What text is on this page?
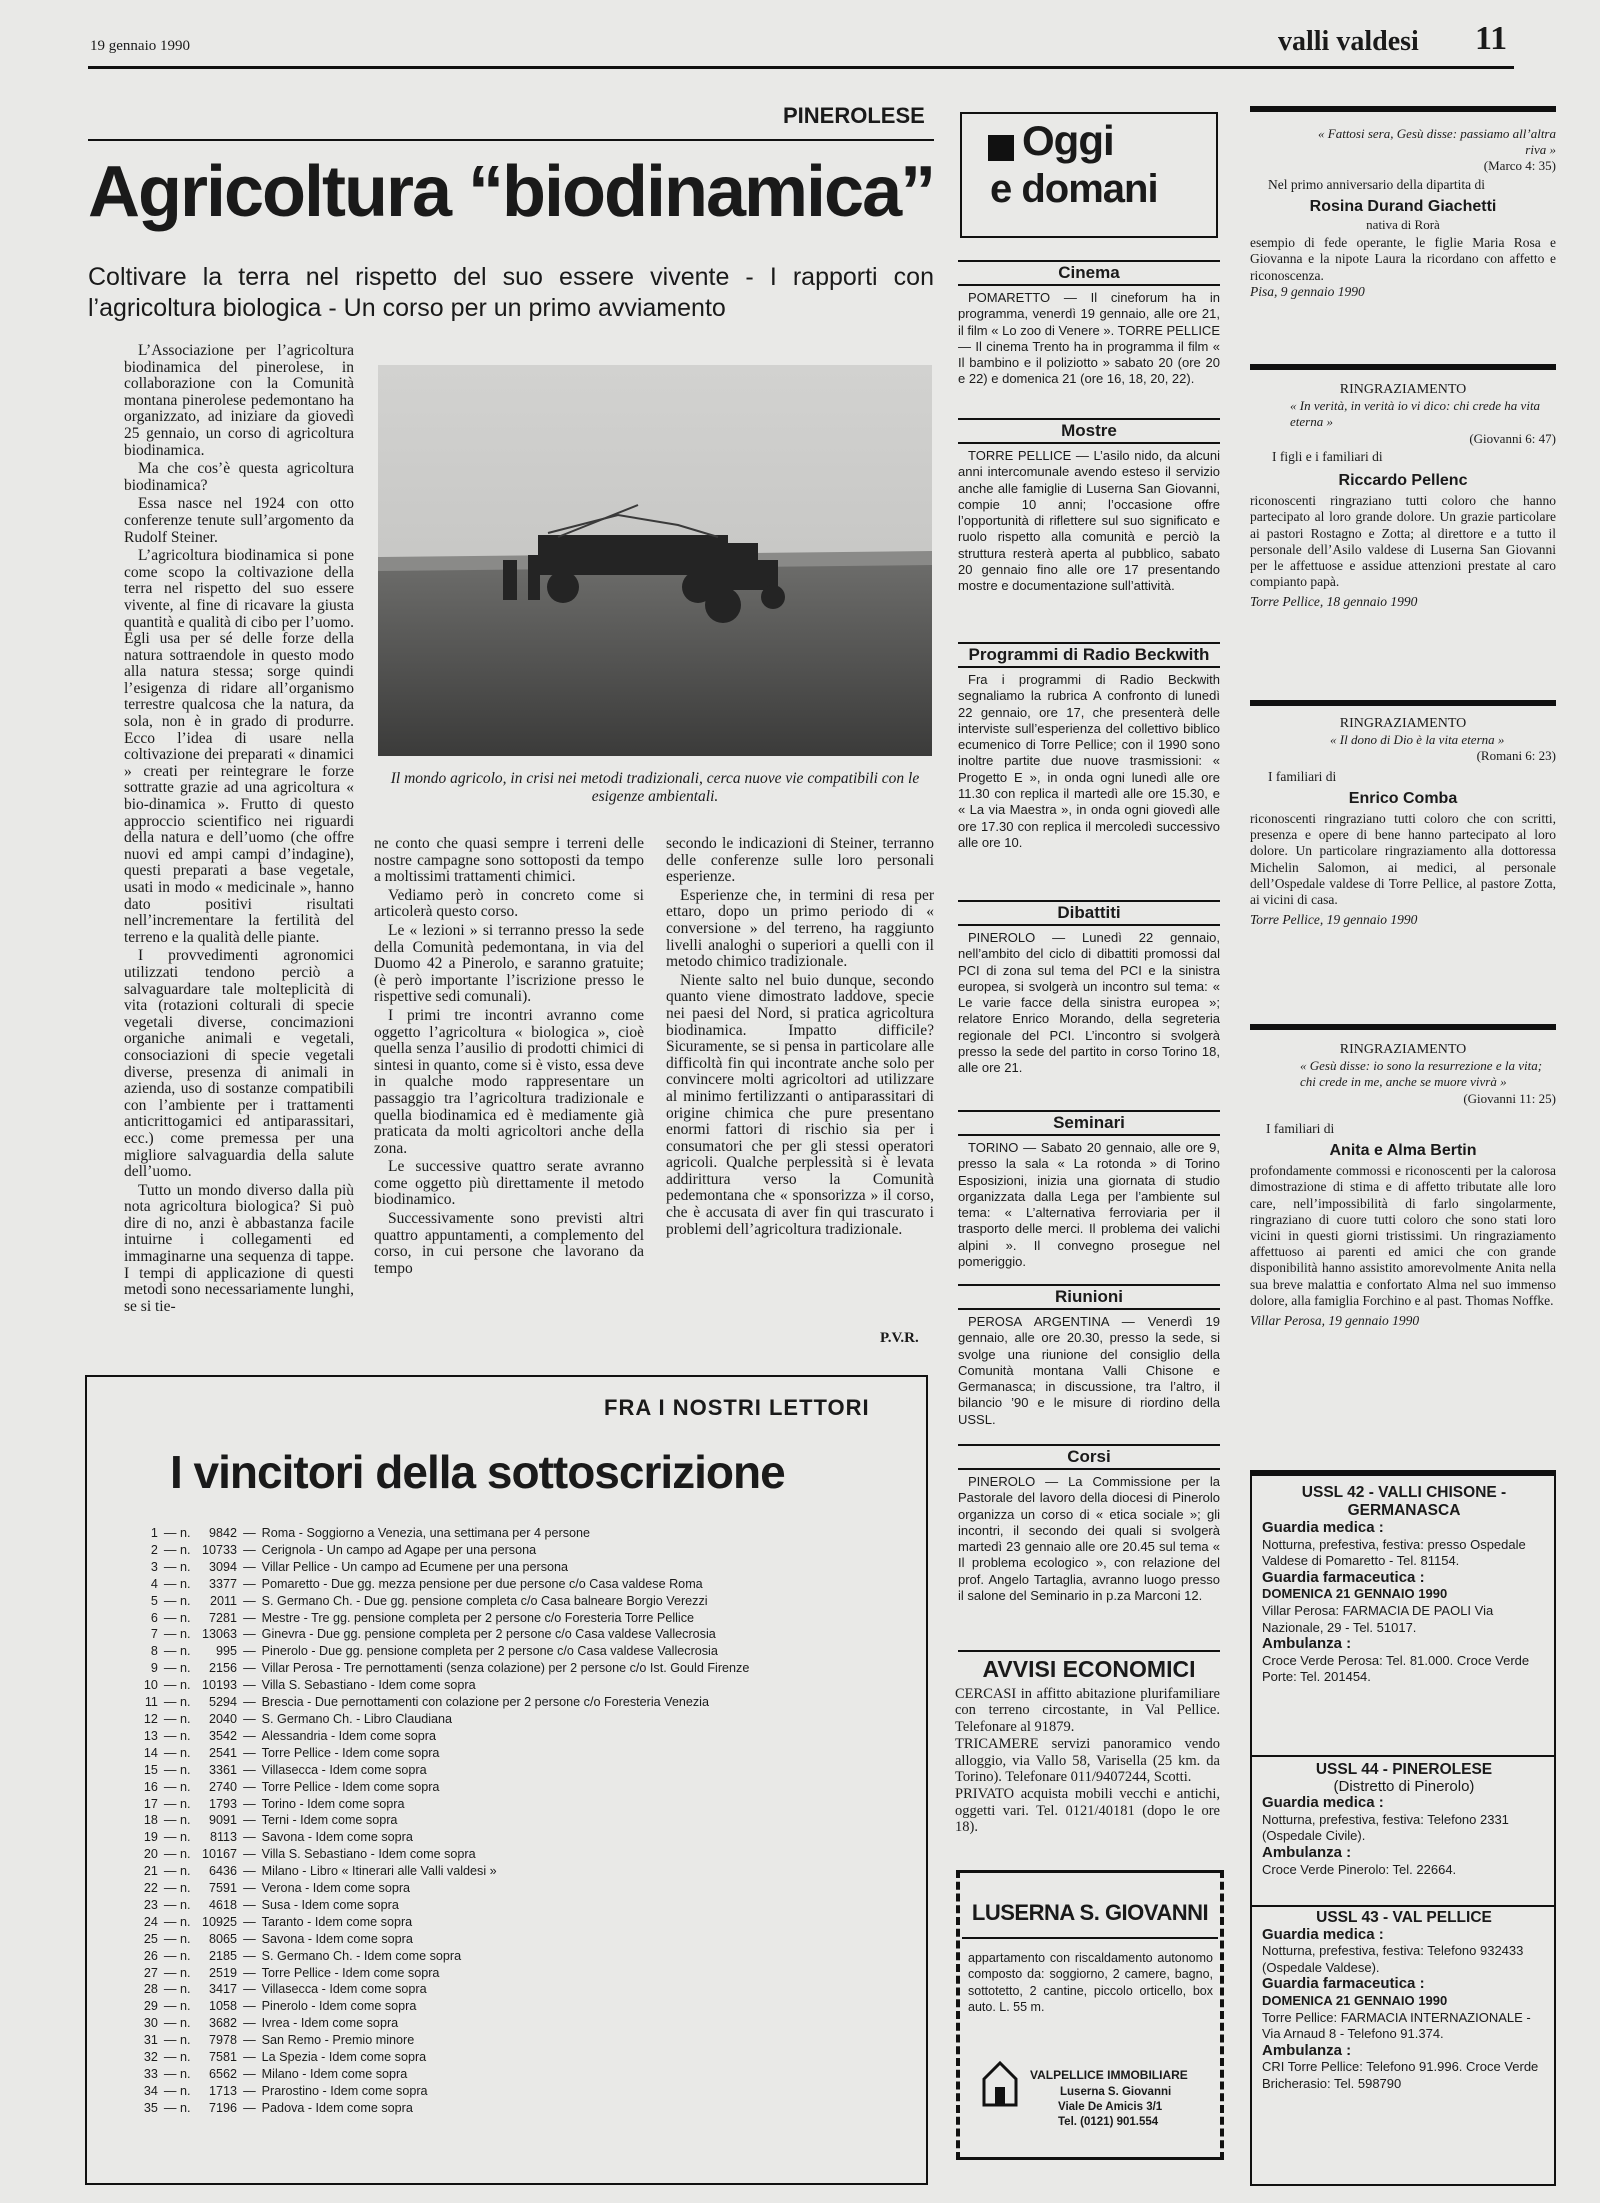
19 gennaio 1990	valli valdesi 11
PINEROLESE
Agricoltura “biodinamica”
Coltivare la terra nel rispetto del suo essere vivente - I rapporti con l’agricoltura biologica - Un corso per un primo avviamento

L’Associazione per l’agricoltura biodinamica del pinerolese, in collaborazione con la Comunità montana pinerolese pedemontano ha organizzato, ad iniziare da giovedì 25 gennaio, un corso di agricoltura biodinamica.

Ma che cos’è questa agricoltura biodinamica?

Essa nasce nel 1924 con otto conferenze tenute sull’argomento da Rudolf Steiner.

L’agricoltura biodinamica si pone come scopo la coltivazione della terra nel rispetto del suo essere vivente, al fine di ricavare la giusta quantità e qualità di cibo per l’uomo. Egli usa per sé delle forze della natura sottraendole in questo modo alla natura stessa; sorge quindi l’esigenza di ridare all’organismo terrestre qualcosa che la natura, da sola, non è in grado di produrre. Ecco l’idea di usare nella coltivazione dei preparati « dinamici » creati per reintegrare le forze sottratte grazie ad una agricoltura « bio-dinamica ». Frutto di questo approccio scientifico nei riguardi della natura e dell’uomo (che offre nuovi ed ampi campi d’indagine), questi preparati a base vegetale, usati in modo « medicinale », hanno dato positivi risultati nell’incrementare la fertilità del terreno e la qualità delle piante.

I provvedimenti agronomici utilizzati tendono perciò a salvaguardare tale molteplicità di vita (rotazioni colturali di specie vegetali diverse, concimazioni organiche animali e vegetali, consociazioni di specie vegetali diverse, presenza di animali in azienda, uso di sostanze compatibili con l’ambiente per i trattamenti anticrittogamici ed antiparassitari, ecc.) come premessa per una migliore salvaguardia della salute dell’uomo.

Tutto un mondo diverso dalla più nota agricoltura biologica? Si può dire di no, anzi è abbastanza facile intuirne i collegamenti ed immaginarne una sequenza di tappe. I tempi di applicazione di questi metodi sono necessariamente lunghi, se si tie-

Il mondo agricolo, in crisi nei metodi tradizionali, cerca nuove vie compatibili con le esigenze ambientali.

ne conto che quasi sempre i terreni delle nostre campagne sono sottoposti da tempo a moltissimi trattamenti chimici.

Vediamo però in concreto come si articolerà questo corso.

Le « lezioni » si terranno presso la sede della Comunità pedemontana, in via del Duomo 42 a Pinerolo, e saranno gratuite; (è però importante l’iscrizione presso le rispettive sedi comunali).

I primi tre incontri avranno come oggetto l’agricoltura « biologica », cioè quella senza l’ausilio di prodotti chimici di sintesi in quanto, come si è visto, essa deve in qualche modo rappresentare un passaggio tra l’agricoltura tradizionale e quella biodinamica ed è mediamente già praticata da molti agricoltori anche della zona.

Le successive quattro serate avranno come oggetto più direttamente il metodo biodinamico.

Successivamente sono previsti altri quattro appuntamenti, a complemento del corso, in cui persone che lavorano da tempo

secondo le indicazioni di Steiner, terranno delle conferenze sulle loro personali esperienze.

Esperienze che, in termini di resa per ettaro, dopo un primo periodo di « conversione » del terreno, ha raggiunto livelli analoghi o superiori a quelli con il metodo chimico tradizionale.

Niente salto nel buio dunque, secondo quanto viene dimostrato laddove, specie nei paesi del Nord, si pratica agricoltura biodinamica. Impatto difficile? Sicuramente, se si pensa in particolare alle difficoltà fin qui incontrate anche solo per convincere molti agricoltori ad utilizzare al minimo fertilizzanti o antiparassitari di origine chimica che pure presentano enormi fattori di rischio sia per i consumatori che per gli stessi operatori agricoli. Qualche perplessità si è levata addirittura verso la Comunità pedemontana che « sponsorizza » il corso, che è accusata di aver fin qui trascurato i problemi dell’agricoltura tradizionale.

P.V.R.
FRA I NOSTRI LETTORI
I vincitori della sottoscrizione
1 — n.	9842 — Roma - Soggiorno a Venezia, una settimana per 4 persone
2 — n. 10733 — Cerignola - Un campo ad Agape per una persona
3 — n.	3094 — Villar Pellice - Un campo ad Ecumene per una persona
4 — n.	3377 — Pomaretto - Due gg. mezza pensione per due persone c/o Casa valdese Roma
5 — n.	2011 — S. Germano Ch. - Due gg. pensione completa c/o Casa balneare Borgio Verezzi
6 — n.	7281 — Mestre - Tre gg. pensione completa per 2 persone c/o Foresteria Torre Pellice
7 — n. 13063 — Ginevra - Due gg. pensione completa per 2 persone c/o Casa valdese Vallecrosia
8 — n.	995 — Pinerolo - Due gg. pensione completa per 2 persone c/o Casa valdese Vallecrosia
9 — n.	2156 — Villar Perosa - Tre pernottamenti (senza colazione) per 2 persone c/o Ist. Gould Firenze
10 — n. 10193 — Villa S. Sebastiano - Idem come sopra
11 — n.	5294 — Brescia - Due pernottamenti con colazione per 2 persone c/o Foresteria Venezia
12 — n.	2040 — S. Germano Ch. - Libro Claudiana
13 — n.	3542 — Alessandria - Idem come sopra
14 — n.	2541 — Torre Pellice - Idem come sopra
15 — n.	3361 — Villasecca - Idem come sopra
16 — n.	2740 — Torre Pellice - Idem come sopra
17 — n.	1793 — Torino - Idem come sopra
18 — n.	9091 — Terni - Idem come sopra
19 — n.	8113 — Savona - Idem come sopra
20 — n. 10167 — Villa S. Sebastiano - Idem come sopra
21 — n.	6436 — Milano - Libro « Itinerari alle Valli valdesi »
22 — n.	7591 — Verona - Idem come sopra
23 — n.	4618 — Susa - Idem come sopra
24 — n. 10925 — Taranto - Idem come sopra
25 — n.	8065 — Savona - Idem come sopra
26 — n.	2185 — S. Germano Ch. - Idem come sopra
27 — n.	2519 — Torre Pellice - Idem come sopra
28 — n.	3417 — Villasecca - Idem come sopra
29 — n.	1058 — Pinerolo - Idem come sopra
30 — n.	3682 — Ivrea - Idem come sopra
31 — n.	7978 — San Remo - Premio minore
32 — n.	7581 — La Spezia - Idem come sopra
33 — n.	6562 — Milano - Idem come sopra
34 — n.	1713 — Prarostino - Idem come sopra
35 — n.	7196 — Padova - Idem come sopra
Oggi
e domani
Cinema

POMARETTO — Il cineforum ha in programma, venerdì 19 gennaio, alle ore 21, il film « Lo zoo di Venere ». TORRE PELLICE — Il cinema Trento ha in programma il film « Il bambino e il poliziotto » sabato 20 (ore 20 e 22) e domenica 21 (ore 16, 18, 20, 22).

Mostre

TORRE PELLICE — L’asilo nido, da alcuni anni intercomunale avendo esteso il servizio anche alle famiglie di Luserna San Giovanni, compie 10 anni; l’occasione offre l’opportunità di riflettere sul suo significato e ruolo rispetto alla comunità e perciò la struttura resterà aperta al pubblico, sabato 20 gennaio fino alle ore 17 presentando mostre e documentazione sull’attività.

Programmi di Radio Beckwith

Fra i programmi di Radio Beckwith segnaliamo la rubrica A confronto di lunedì 22 gennaio, ore 17, che presenterà delle interviste sull’esperienza del collettivo biblico ecumenico di Torre Pellice; con il 1990 sono inoltre partite due nuove trasmissioni: « Progetto E », in onda ogni lunedì alle ore 11.30 con replica il martedì alle ore 15.30, e « La via Maestra », in onda ogni giovedì alle ore 17.30 con replica il mercoledì successivo alle ore 10.

Dibattiti

PINEROLO — Lunedì 22 gennaio, nell’ambito del ciclo di dibattiti promossi dal PCI di zona sul tema del PCI e la sinistra europea, si svolgerà un incontro sul tema: « Le varie facce della sinistra europea »; relatore Enrico Morando, della segreteria regionale del PCI. L’incontro si svolgerà presso la sede del partito in corso Torino 18, alle ore 21.

Seminari

TORINO — Sabato 20 gennaio, alle ore 9, presso la sala « La rotonda » di Torino Esposizioni, inizia una giornata di studio organizzata dalla Lega per l’ambiente sul tema: « L’alternativa ferroviaria per il trasporto delle merci. Il problema dei valichi alpini ». Il convegno prosegue nel pomeriggio.

Riunioni

PEROSA ARGENTINA — Venerdì 19 gennaio, alle ore 20.30, presso la sede, si svolge una riunione del consiglio della Comunità montana Valli Chisone e Germanasca; in discussione, tra l’altro, il bilancio ’90 e le misure di riordino della USSL.

Corsi

PINEROLO — La Commissione per la Pastorale del lavoro della diocesi di Pinerolo organizza un corso di « etica sociale »; gli incontri, il secondo dei quali si svolgerà martedì 23 gennaio alle ore 20.45 sul tema « Il problema ecologico », con relazione del prof. Angelo Tartaglia, avranno luogo presso il salone del Seminario in p.za Marconi 12.

AVVISI ECONOMICI
CERCASI in affitto abitazione plurifamiliare con terreno circostante, in Val Pellice. Telefonare al 91879.
TRICAMERE servizi panoramico vendo alloggio, via Vallo 58, Varisella (25 km. da Torino). Telefonare 011/9407244, Scotti.
PRIVATO acquista mobili vecchi e antichi, oggetti vari. Tel. 0121/40181 (dopo le ore 18).
LUSERNA S. GIOVANNI
appartamento con riscaldamento autonomo composto da: soggiorno, 2 camere, bagno, sottotetto, 2 cantine, piccolo orticello, box auto. L. 55 m.
VALPELLICE IMMOBILIARE
Luserna S. Giovanni
Viale De Amicis 3/1
Tel. (0121) 901.554
« Fattosi sera, Gesù disse: passiamo all’altra riva »
(Marco 4: 35)
Nel primo anniversario della dipartita di
Rosina Durand Giachetti
nativa di Rorà
esempio di fede operante, le figlie Maria Rosa e Giovanna e la nipote Laura la ricordano con affetto e riconoscenza.
Pisa, 9 gennaio 1990
RINGRAZIAMENTO
« In verità, in verità io vi dico: chi crede ha vita eterna »
(Giovanni 6: 47)
I figli e i familiari di
Riccardo Pellenc
riconoscenti ringraziano tutti coloro che hanno partecipato al loro grande dolore. Un grazie particolare ai pastori Rostagno e Zotta; al direttore e a tutto il personale dell’Asilo valdese di Luserna San Giovanni per le affettuose e assidue attenzioni prestate al caro compianto papà.
Torre Pellice, 18 gennaio 1990
RINGRAZIAMENTO
« Il dono di Dio è la vita eterna »
(Romani 6: 23)
I familiari di
Enrico Comba
riconoscenti ringraziano tutti coloro che con scritti, presenza e opere di bene hanno partecipato al loro dolore. Un particolare ringraziamento alla dottoressa Michelin Salomon, ai medici, al personale dell’Ospedale valdese di Torre Pellice, al pastore Zotta, ai vicini di casa.
Torre Pellice, 19 gennaio 1990
RINGRAZIAMENTO
« Gesù disse: io sono la resurrezione e la vita; chi crede in me, anche se muore vivrà »
(Giovanni 11: 25)
I familiari di
Anita e Alma Bertin
profondamente commossi e riconoscenti per la calorosa dimostrazione di stima e di affetto tributate alle loro care, nell’impossibilità di farlo singolarmente, ringraziano di cuore tutti coloro che sono stati loro vicini in questi giorni tristissimi. Un ringraziamento affettuoso ai parenti ed amici che con grande disponibilità hanno assistito amorevolmente Anita nella sua breve malattia e confortato Alma nel suo immenso dolore, alla famiglia Forchino e al past. Thomas Noffke.
Villar Perosa, 19 gennaio 1990
USSL 42 - VALLI CHISONE - GERMANASCA
Guardia medica :
Notturna, prefestiva, festiva: presso Ospedale Valdese di Pomaretto - Tel. 81154.
Guardia farmaceutica :
DOMENICA 21 GENNAIO 1990
Villar Perosa: FARMACIA DE PAOLI Via Nazionale, 29 - Tel. 51017.
Ambulanza :
Croce Verde Perosa: Tel. 81.000. Croce Verde Porte: Tel. 201454.
USSL 44 - PINEROLESE
(Distretto di Pinerolo)
Guardia medica :
Notturna, prefestiva, festiva: Telefono 2331 (Ospedale Civile).
Ambulanza :
Croce Verde Pinerolo: Tel. 22664.
USSL 43 - VAL PELLICE
Guardia medica :
Notturna, prefestiva, festiva: Telefono 932433 (Ospedale Valdese).
Guardia farmaceutica :
DOMENICA 21 GENNAIO 1990
Torre Pellice: FARMACIA INTERNAZIONALE - Via Arnaud 8 - Telefono 91.374.
Ambulanza :
CRI Torre Pellice: Telefono 91.996. Croce Verde Bricherasio: Tel. 598790
